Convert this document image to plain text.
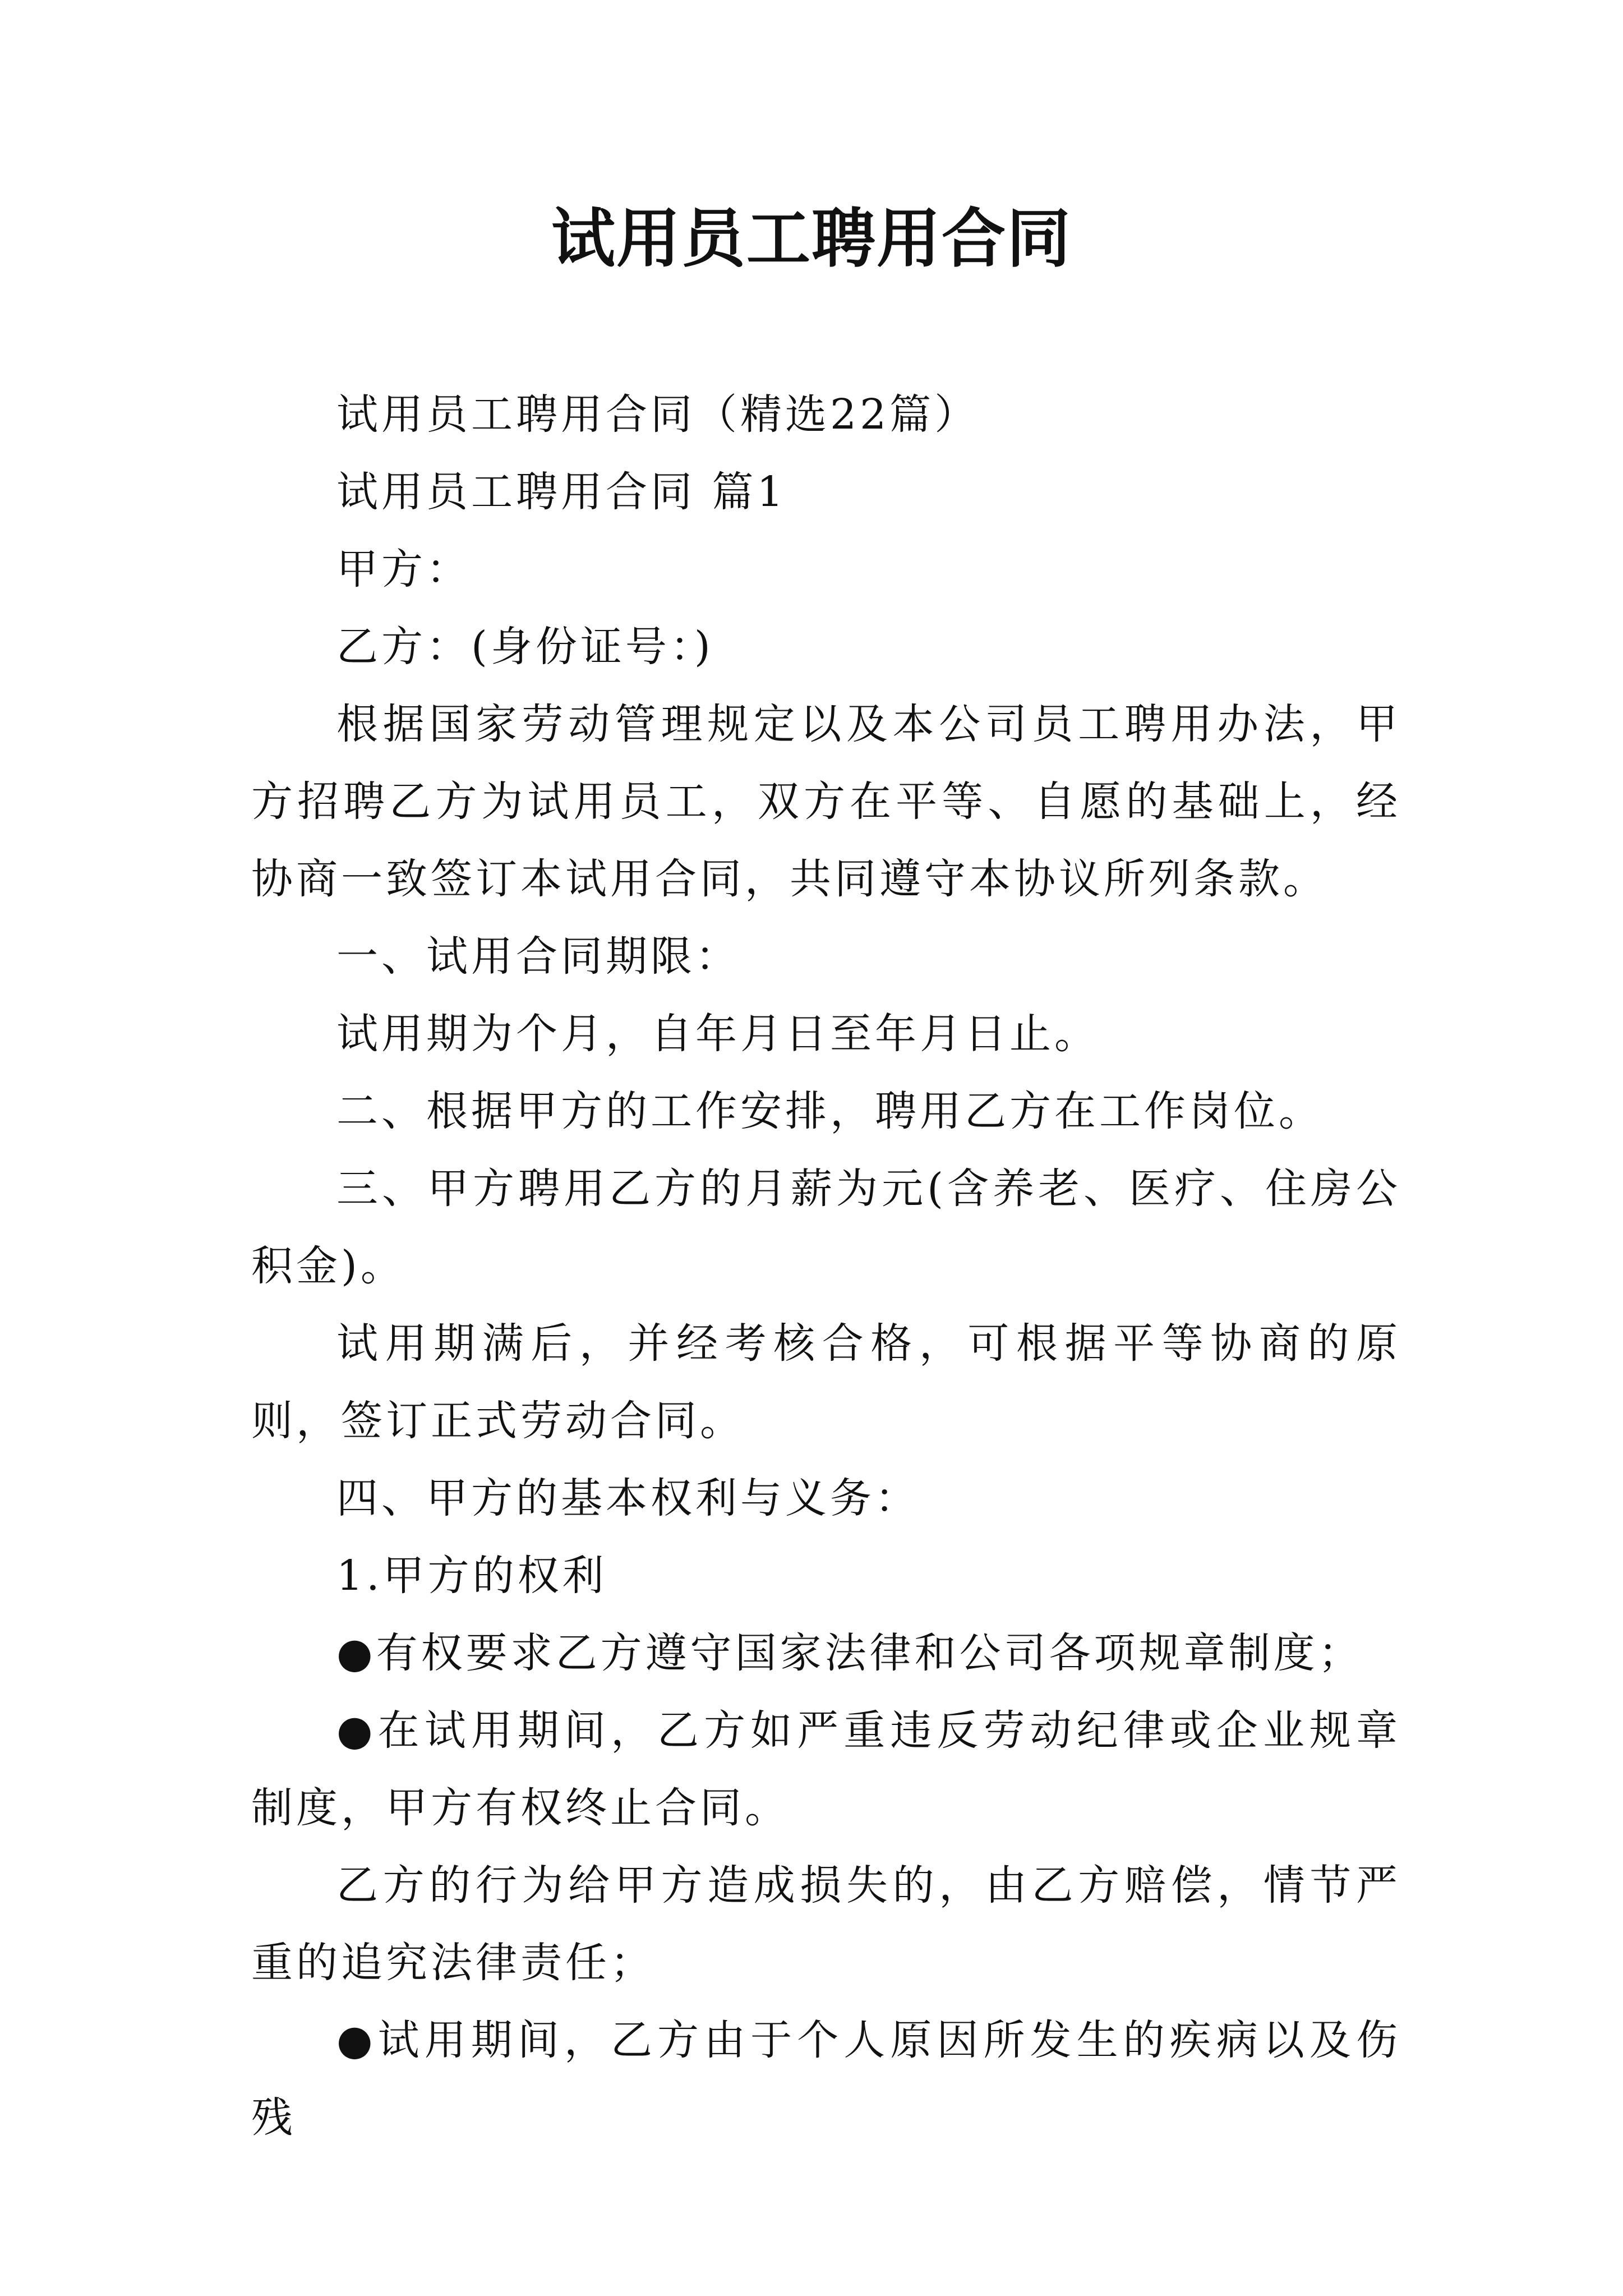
试用员工聘用合同

试用员工聘用合同（精选22篇）

试用员工聘用合同 篇1

甲方：

乙方：(身份证号：)

根据国家劳动管理规定以及本公司员工聘用办法，甲方招聘乙方为试用员工，双方在平等、自愿的基础上，经协商一致签订本试用合同，共同遵守本协议所列条款。

一、试用合同期限：

试用期为个月，自年月日至年月日止。

二、根据甲方的工作安排，聘用乙方在工作岗位。

三、甲方聘用乙方的月薪为元(含养老、医疗、住房公积金)。

试用期满后，并经考核合格，可根据平等协商的原则，签订正式劳动合同。

四、甲方的基本权利与义务：

1.甲方的权利

●有权要求乙方遵守国家法律和公司各项规章制度；

●在试用期间，乙方如严重违反劳动纪律或企业规章制度，甲方有权终止合同。

乙方的行为给甲方造成损失的，由乙方赔偿，情节严重的追究法律责任；

●试用期间，乙方由于个人原因所发生的疾病以及伤残
